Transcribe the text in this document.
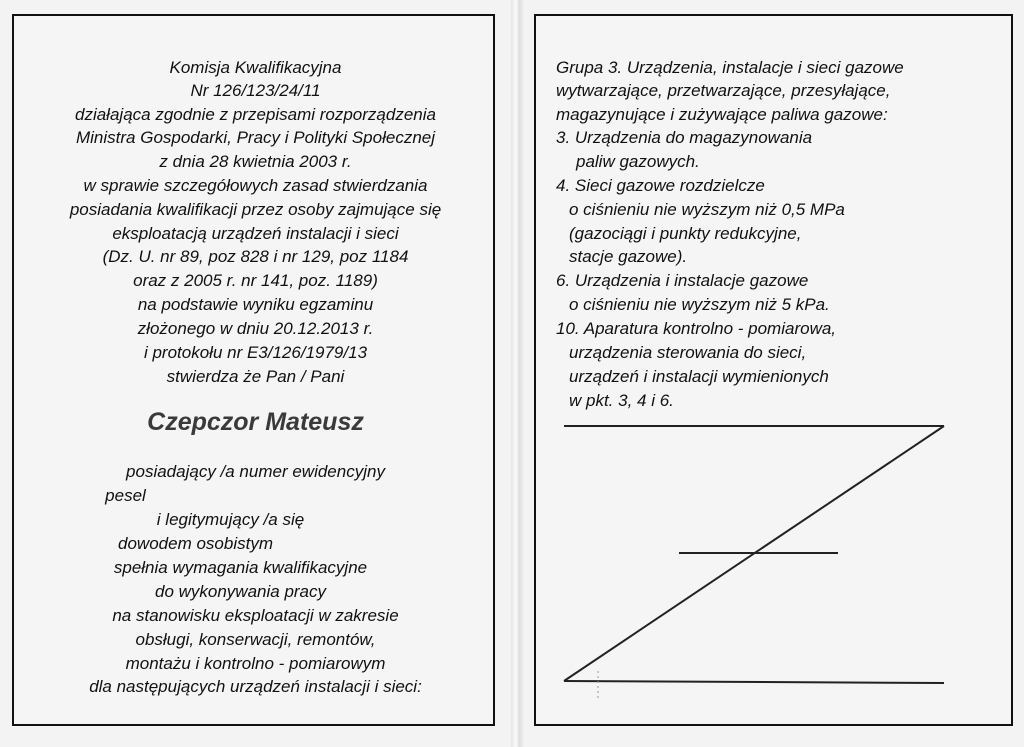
Komisja Kwalifikacyjna
Nr 126/123/24/11
działająca zgodnie z przepisami rozporządzenia
Ministra Gospodarki, Pracy i Polityki Społecznej
z dnia 28 kwietnia 2003 r.
w sprawie szczegółowych zasad stwierdzania
posiadania kwalifikacji przez osoby zajmujące się
eksploatacją urządzeń instalacji i sieci
(Dz. U. nr 89, poz 828 i nr 129, poz 1184
oraz z 2005 r. nr 141, poz. 1189)
na podstawie wyniku egzaminu
złożonego w dniu 20.12.2013 r.
i protokołu nr E3/126/1979/13
stwierdza że Pan / Pani
Czepczor Mateusz
posiadający /a numer ewidencyjny
pesel
i legitymujący /a się
dowodem osobistym
spełnia wymagania kwalifikacyjne
do wykonywania pracy
na stanowisku eksploatacji w zakresie
obsługi, konserwacji, remontów,
montażu i kontrolno - pomiarowym
dla następujących urządzeń instalacji i sieci:
Grupa 3. Urządzenia, instalacje i sieci gazowe
wytwarzające, przetwarzające, przesyłające,
magazynujące i zużywające paliwa gazowe:
3. Urządzenia do magazynowania
paliw gazowych.
4. Sieci gazowe rozdzielcze
o ciśnieniu nie wyższym niż 0,5 MPa
(gazociągi i punkty redukcyjne,
stacje gazowe).
6. Urządzenia i instalacje gazowe
o ciśnieniu nie wyższym niż 5 kPa.
10. Aparatura kontrolno - pomiarowa,
urządzenia sterowania do sieci,
urządzeń i instalacji wymienionych
w pkt. 3, 4 i 6.
